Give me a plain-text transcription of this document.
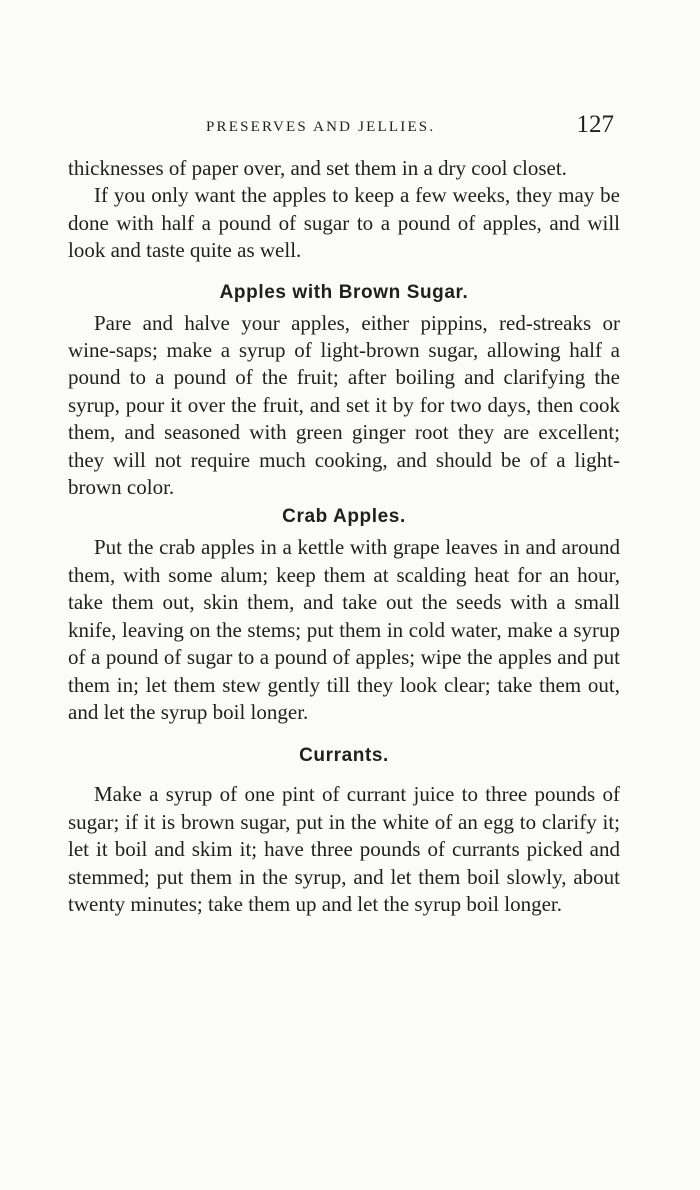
PRESERVES AND JELLIES.	127

thicknesses of paper over, and set them in a dry cool closet.

If you only want the apples to keep a few weeks, they may be done with half a pound of sugar to a pound of apples, and will look and taste quite as well.

Apples with Brown Sugar.

Pare and halve your apples, either pippins, red-streaks or wine-saps; make a syrup of light-brown sugar, allowing half a pound to a pound of the fruit; after boiling and clarifying the syrup, pour it over the fruit, and set it by for two days, then cook them, and seasoned with green ginger root they are excellent; they will not require much cooking, and should be of a light-brown color.

Crab Apples.

Put the crab apples in a kettle with grape leaves in and around them, with some alum; keep them at scalding heat for an hour, take them out, skin them, and take out the seeds with a small knife, leaving on the stems; put them in cold water, make a syrup of a pound of sugar to a pound of apples; wipe the apples and put them in; let them stew gently till they look clear; take them out, and let the syrup boil longer.

Currants.

Make a syrup of one pint of currant juice to three pounds of sugar; if it is brown sugar, put in the white of an egg to clarify it; let it boil and skim it; have three pounds of currants picked and stemmed; put them in the syrup, and let them boil slowly, about twenty minutes; take them up and let the syrup boil longer.
